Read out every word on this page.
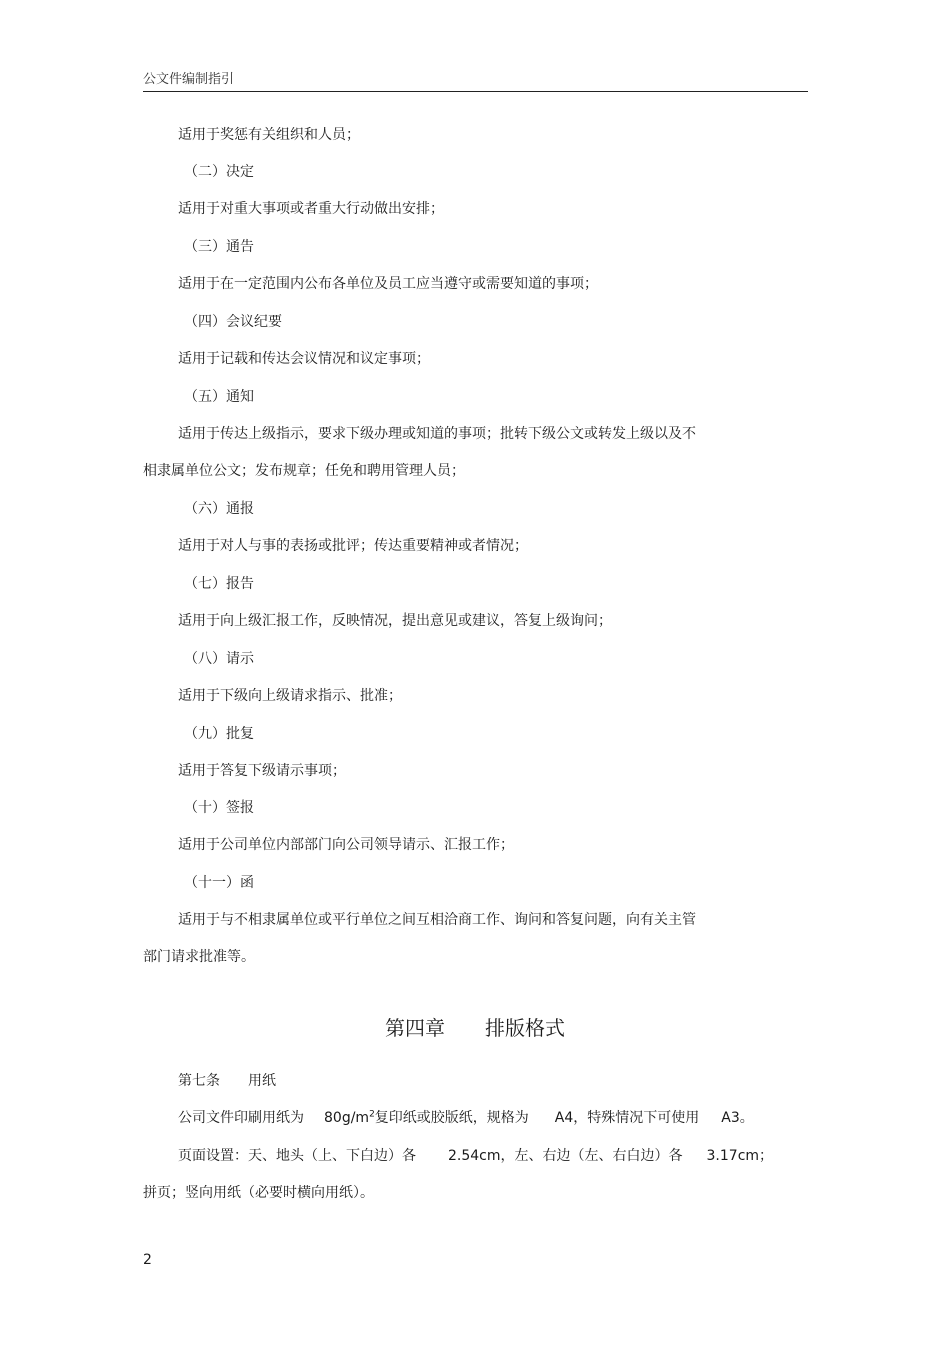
公文件编制指引
适用于奖惩有关组织和人员；
（二）决定
适用于对重大事项或者重大行动做出安排；
（三）通告
适用于在一定范围内公布各单位及员工应当遵守或需要知道的事项；
（四）会议纪要
适用于记载和传达会议情况和议定事项；
（五）通知
适用于传达上级指示，要求下级办理或知道的事项；批转下级公文或转发上级以及不
相隶属单位公文；发布规章；任免和聘用管理人员；
（六）通报
适用于对人与事的表扬或批评；传达重要精神或者情况；
（七）报告
适用于向上级汇报工作，反映情况，提出意见或建议，答复上级询问；
（八）请示
适用于下级向上级请求指示、批准；
（九）批复
适用于答复下级请示事项；
（十）签报
适用于公司单位内部部门向公司领导请示、汇报工作；
（十一）函
适用于与不相隶属单位或平行单位之间互相洽商工作、询问和答复问题，向有关主管
部门请求批准等。
第四章 排版格式
第七条 用纸
公司文件印刷用纸为 $80g/m^2$复印纸或胶版纸，规格为 A4，特殊情况下可使用 A3。
页面设置：天、地头（上、下白边）各 2.54cm，左、右边（左、右白边）各 3.17cm；
拼页；竖向用纸（必要时横向用纸）。
2
